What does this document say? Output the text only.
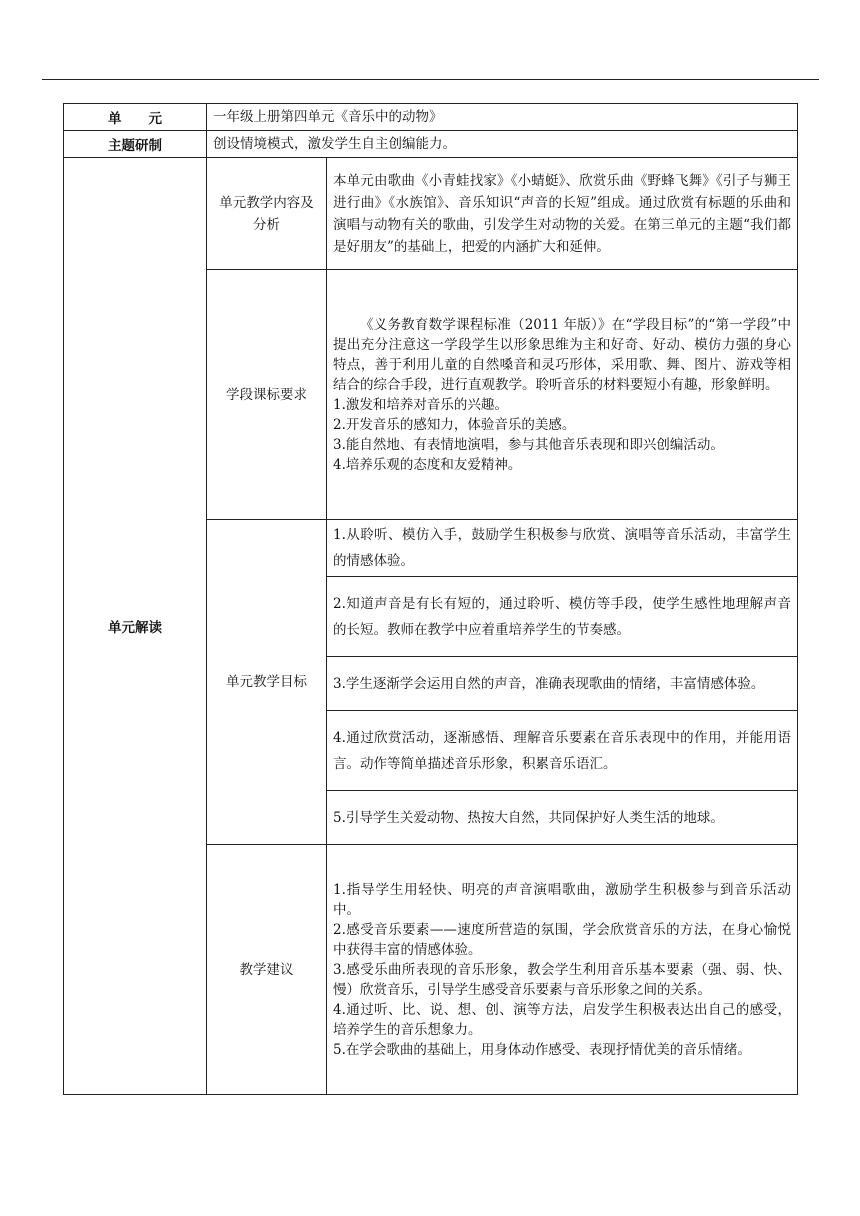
单　　元	一年级上册第四单元《音乐中的动物》	
主题研制	创设情境模式，激发学生自主创编能力。	
单元解读	单元教学内容及分析	本单元由歌曲《小青蛙找家》《小蜻蜓》、欣赏乐曲《野蜂飞舞》《引子与狮王进行曲》《水族馆》、音乐知识“声音的长短”组成。通过欣赏有标题的乐曲和演唱与动物有关的歌曲，引发学生对动物的关爱。在第三单元的主题“我们都是好朋友”的基础上，把爱的内涵扩大和延伸。
	学段课标要求	《义务教育数学课程标准（2011 年版）》在“学段目标”的“第一学段”中提出充分注意这一学段学生以形象思维为主和好奇、好动、模仿力强的身心特点，善于利用儿童的自然嗓音和灵巧形体，采用歌、舞、图片、游戏等相结合的综合手段，进行直观教学。聆听音乐的材料要短小有趣，形象鲜明。

1.激发和培养对音乐的兴趣。

2.开发音乐的感知力，体验音乐的美感。

3.能自然地、有表情地演唱，参与其他音乐表现和即兴创编活动。

4.培养乐观的态度和友爱精神。

	单元教学目标	1.从聆听、模仿入手，鼓励学生积极参与欣赏、演唱等音乐活动，丰富学生的情感体验。
		2.知道声音是有长有短的，通过聆听、模仿等手段，使学生感性地理解声音的长短。教师在教学中应着重培养学生的节奏感。
		3.学生逐渐学会运用自然的声音，准确表现歌曲的情绪，丰富情感体验。
		4.通过欣赏活动，逐渐感悟、理解音乐要素在音乐表现中的作用，并能用语言。动作等简单描述音乐形象，积累音乐语汇。
		5.引导学生关爱动物、热按大自然，共同保护好人类生活的地球。
	教学建议	1.指导学生用轻快、明亮的声音演唱歌曲，激励学生积极参与到音乐活动中。

2.感受音乐要素——速度所营造的氛围，学会欣赏音乐的方法，在身心愉悦中获得丰富的情感体验。

3.感受乐曲所表现的音乐形象，教会学生利用音乐基本要素（强、弱、快、慢）欣赏音乐，引导学生感受音乐要素与音乐形象之间的关系。

4.通过听、比、说、想、创、演等方法，启发学生积极表达出自己的感受，培养学生的音乐想象力。

5.在学会歌曲的基础上，用身体动作感受、表现抒情优美的音乐情绪。
